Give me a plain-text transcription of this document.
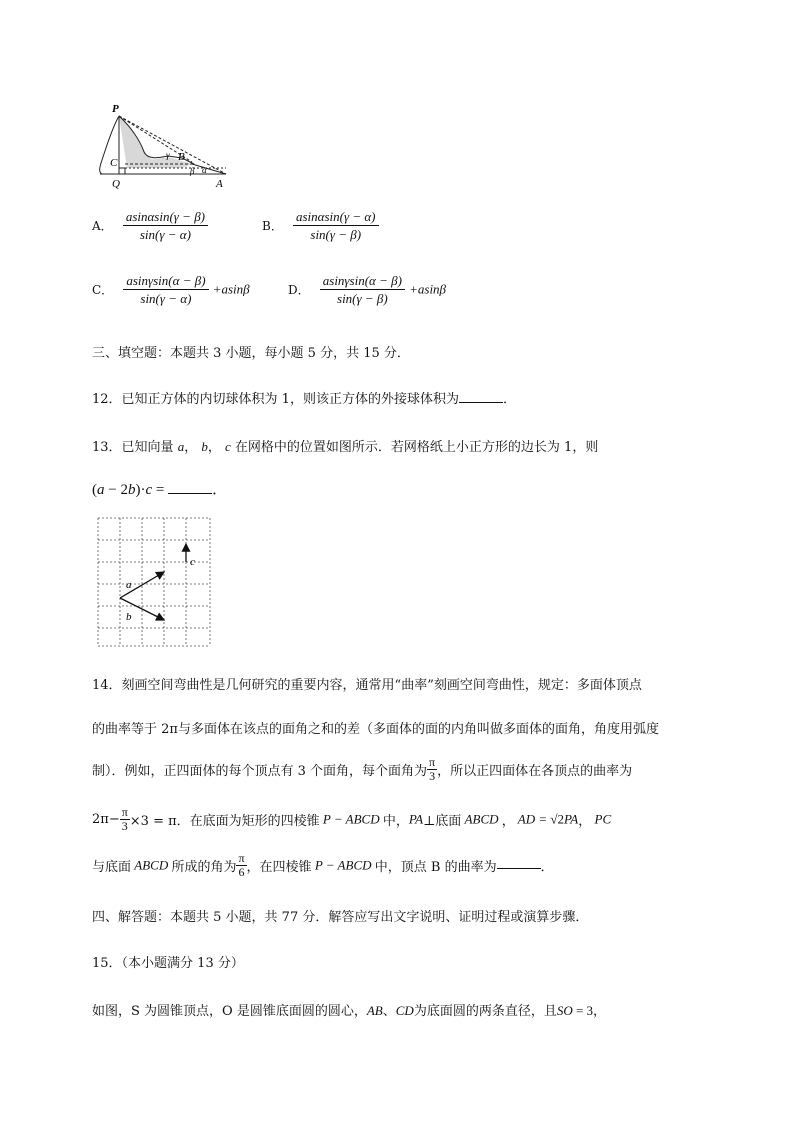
P
C
Q	A
B
γ
β α
A． $\frac{asin\alpha\sin(\gamma - \beta)}{\sin(\gamma - \alpha)}$	B． $\frac{asin\alpha\sin(\gamma - \alpha)}{\sin(\gamma - \beta)}$
C． $\frac{asin\gamma\sin(\alpha - \beta)}{\sin(\gamma - \alpha)} +asin\beta$	D． $\frac{asin\gamma\sin(\alpha - \beta)}{\sin(\gamma - \beta)} +asin\beta$
三、填空题：本题共 3 小题，每小题 5 分，共 15 分．
12．已知正方体的内切球体积为 1，则该正方体的外接球体积为	．
13．已知向量 a， b， c 在网格中的位置如图所示．若网格纸上小正方形的边长为 1，则
(a − 2b)·c =	．
a
b
c
14．刻画空间弯曲性是几何研究的重要内容，通常用“曲率”刻画空间弯曲性，规定：多面体顶点
的曲率等于 2π与多面体在该点的面角之和的差（多面体的面的内角叫做多面体的面角，角度用弧度
制）．例如，正四面体的每个顶点有 3 个面角，每个面角为 $\frac{\pi}{3}$ ，所以正四面体在各顶点的曲率为
$2\pi- \frac{\pi}{3} \times 3 = \pi$．在底面为矩形的四棱锥 P − ABCD 中，PA⊥底面 ABCD ， AD = √2PA， PC
与底面 ABCD 所成的角为 $\frac{\pi}{6}$ ，在四棱锥 P − ABCD 中，顶点 B 的曲率为	．
四、解答题：本题共 5 小题，共 77 分．解答应写出文字说明、证明过程或演算步骤．
15．（本小题满分 13 分）
如图，S 为圆锥顶点，O 是圆锥底面圆的圆心，AB、CD为底面圆的两条直径，且SO = 3，
